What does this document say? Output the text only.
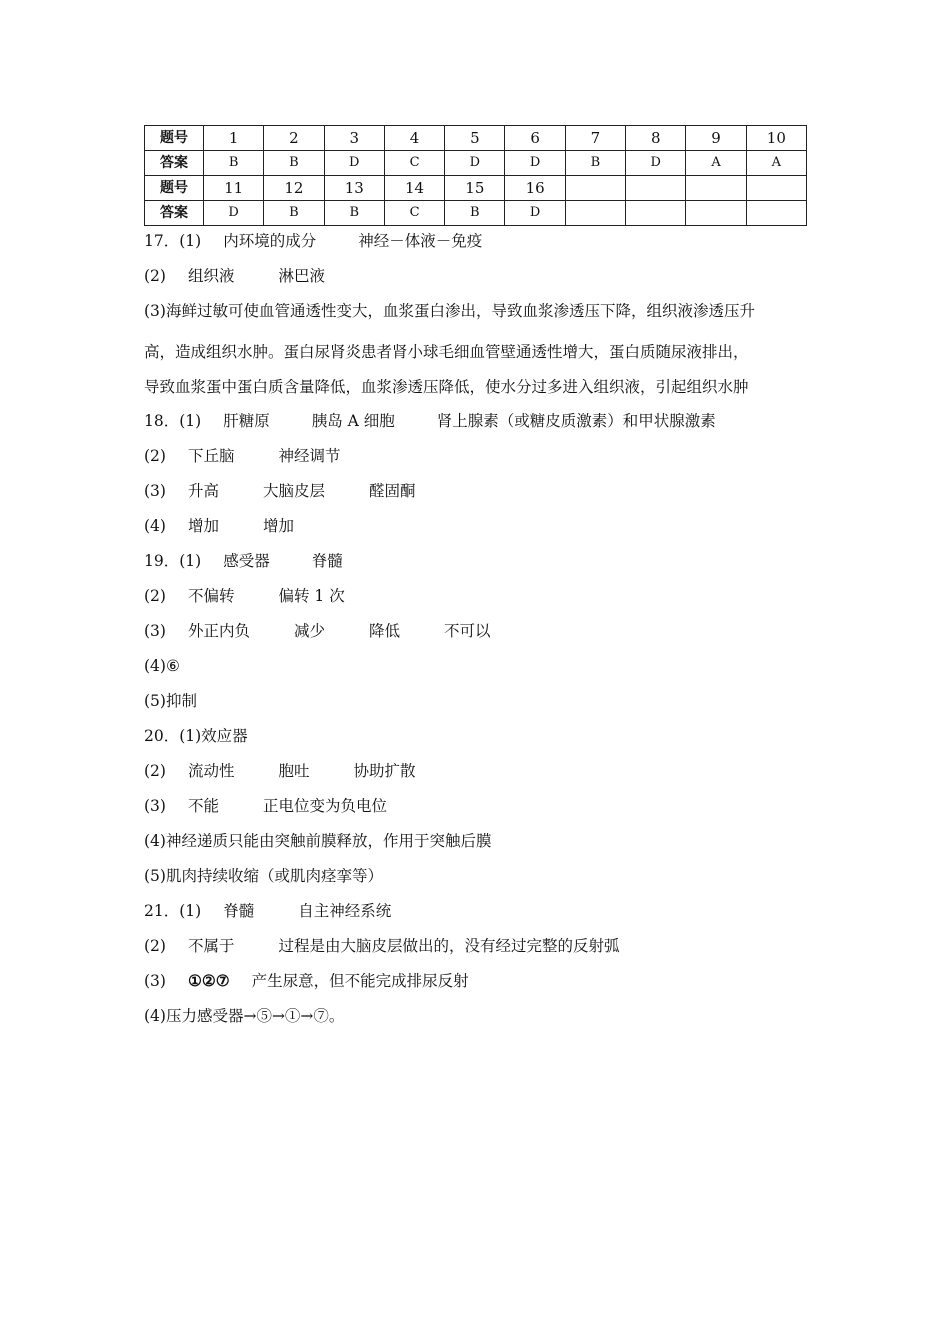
题号	1	2	3	4	5	6	7	8	9	10
答案	B	B	D	C	D	D	B	D	A	A
题号	11	12	13	14	15	16				
答案	D	B	B	C	B	D				
17．(1) 内环境的成分	神经－体液－免疫
(2) 组织液	淋巴液
(3)海鲜过敏可使血管通透性变大，血浆蛋白渗出，导致血浆渗透压下降，组织液渗透压升
高，造成组织水肿。蛋白尿肾炎患者肾小球毛细血管壁通透性增大，蛋白质随尿液排出，
导致血浆蛋中蛋白质含量降低，血浆渗透压降低，使水分过多进入组织液，引起组织水肿
18．(1) 肝糖原	胰岛 A 细胞	肾上腺素（或糖皮质激素）和甲状腺激素
(2) 下丘脑	神经调节
(3) 升高	大脑皮层	醛固酮
(4) 增加	增加
19．(1) 感受器	脊髓
(2) 不偏转	偏转 1 次
(3) 外正内负	减少	降低	不可以
(4)⑥
(5)抑制
20．(1)效应器
(2) 流动性	胞吐	协助扩散
(3) 不能	正电位变为负电位
(4)神经递质只能由突触前膜释放，作用于突触后膜
(5)肌肉持续收缩（或肌肉痉挛等）
21．(1) 脊髓	自主神经系统
(2) 不属于	过程是由大脑皮层做出的，没有经过完整的反射弧
(3) ①②⑦ 产生尿意，但不能完成排尿反射
(4)压力感受器→⑤→①→⑦。
